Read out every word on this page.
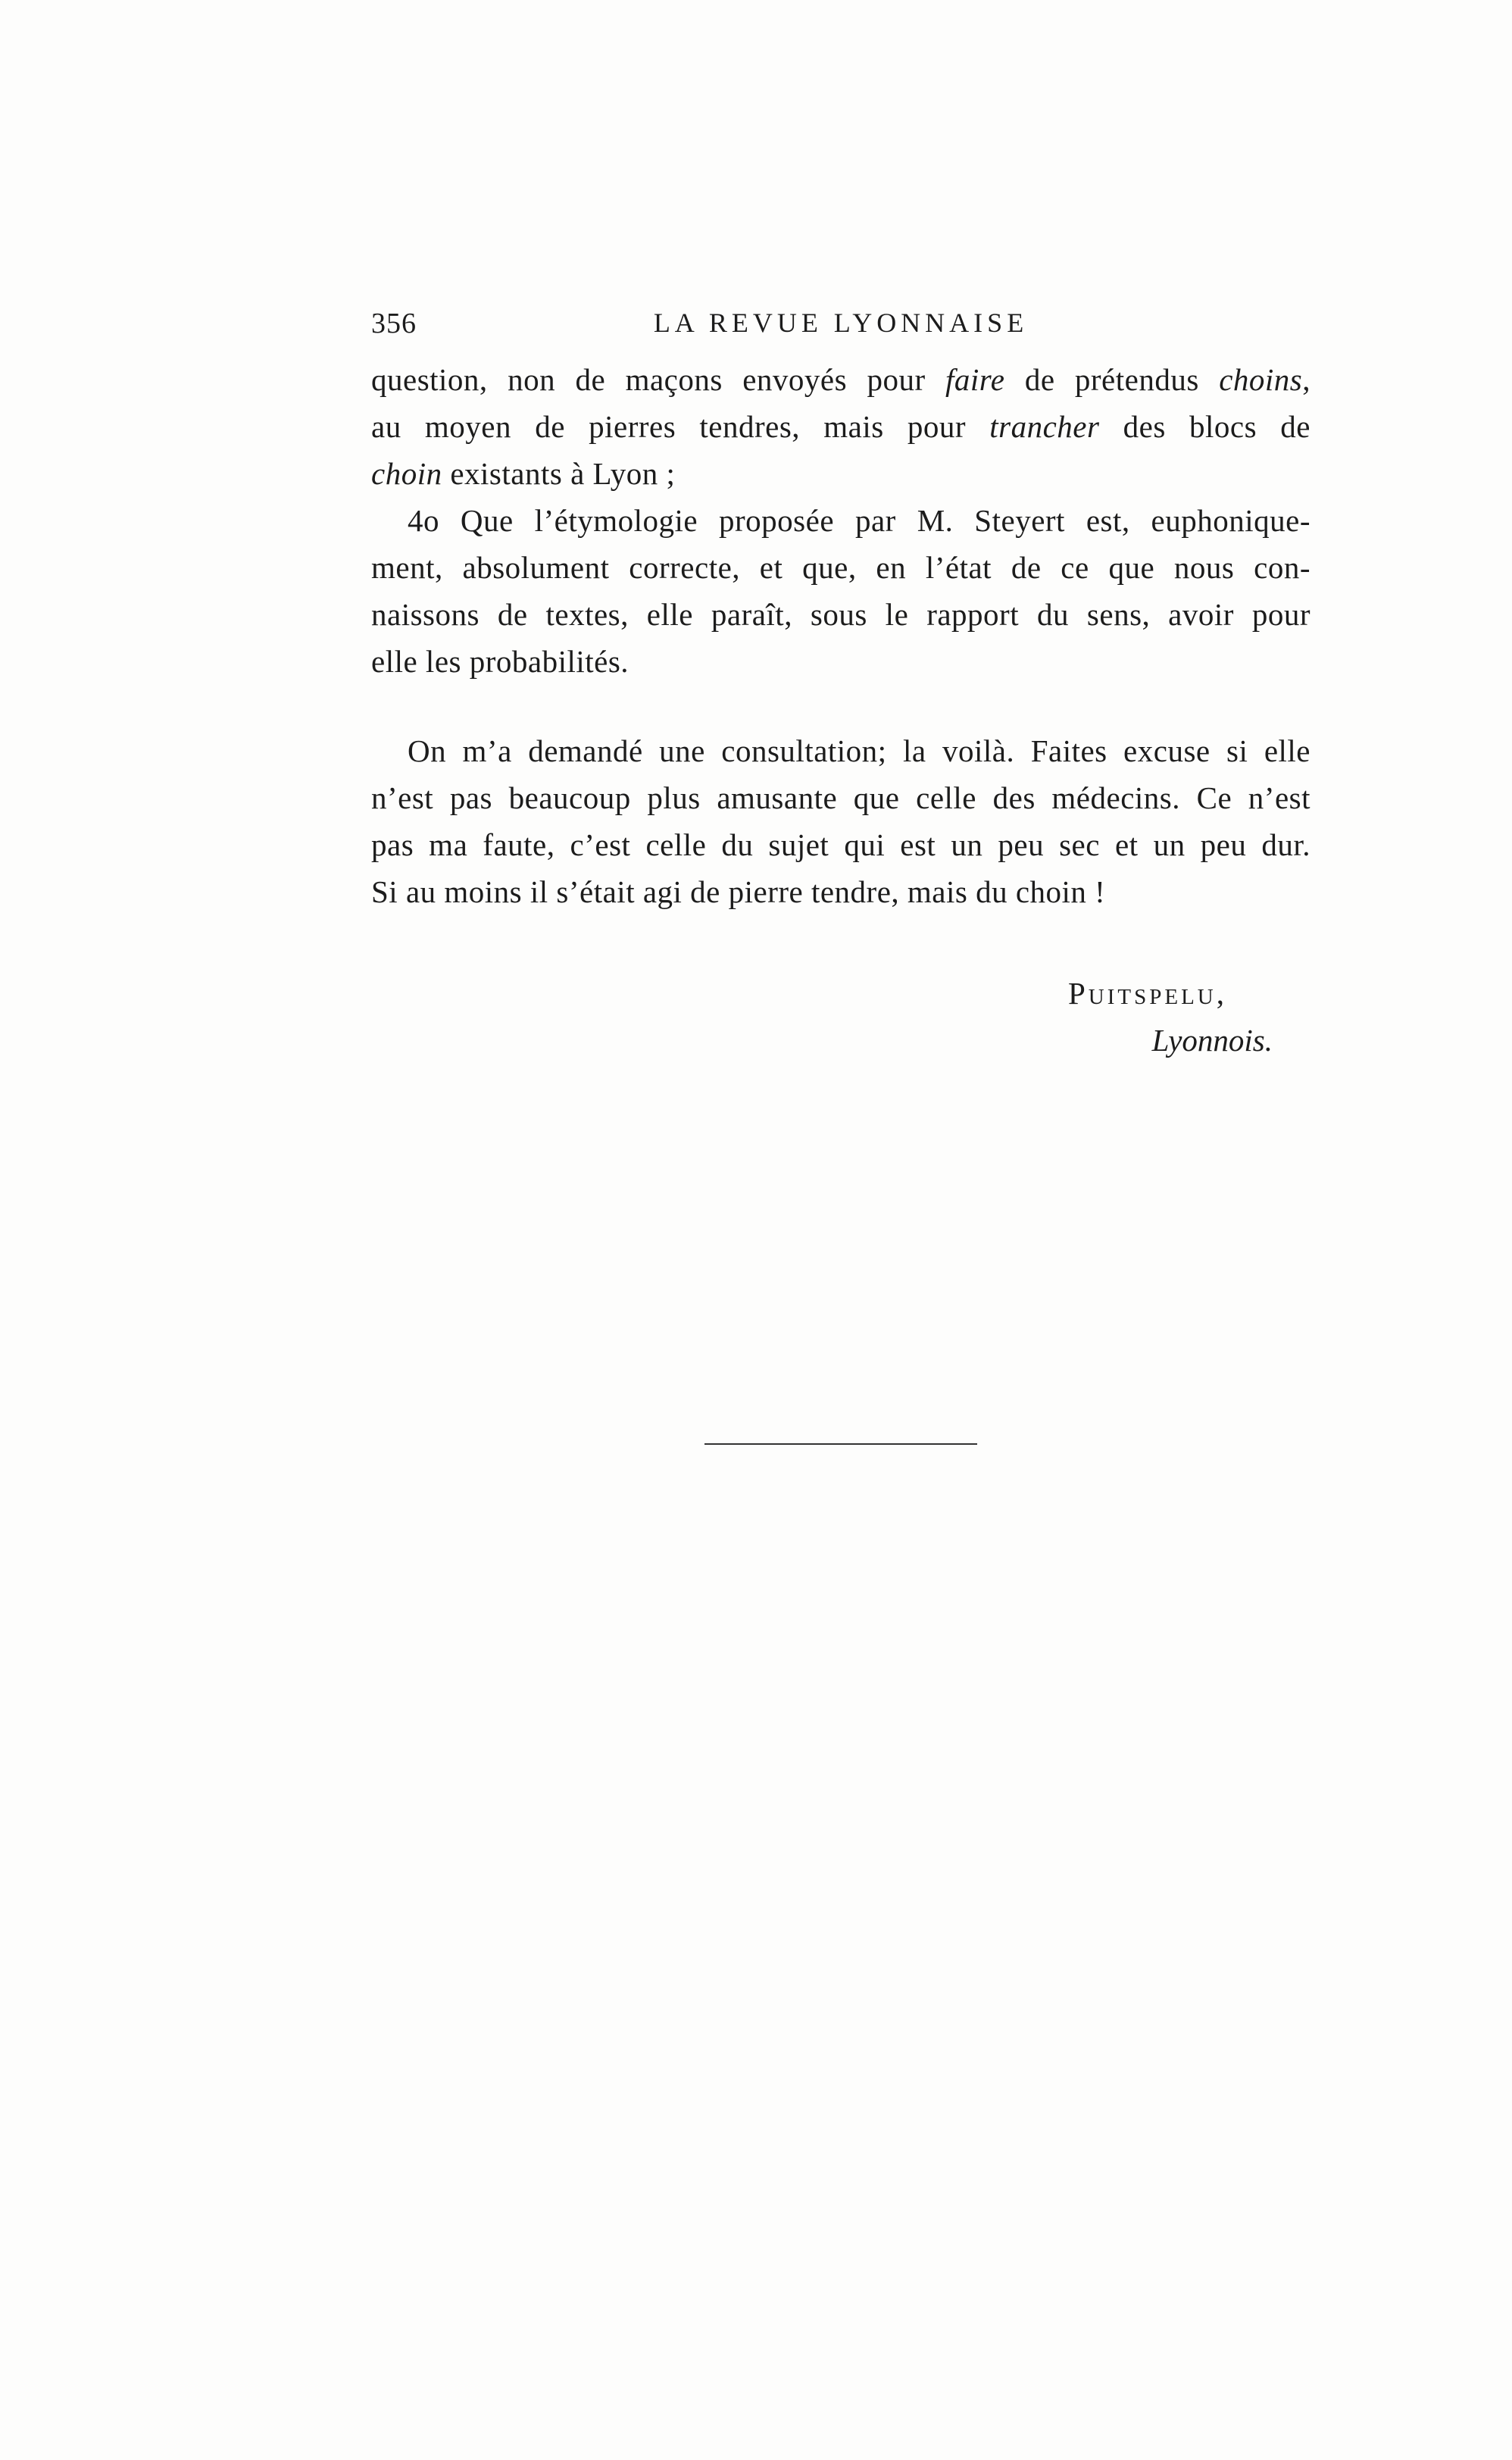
356	LA REVUE LYONNAISE
question, non de maçons envoyés pour faire de prétendus choins,
au moyen de pierres tendres, mais pour trancher des blocs de
choin existants à Lyon ;
4o Que l’étymologie proposée par M. Steyert est, euphonique-
ment, absolument correcte, et que, en l’état de ce que nous con-
naissons de textes, elle paraît, sous le rapport du sens, avoir pour
elle les probabilités.
On m’a demandé une consultation; la voilà. Faites excuse si elle
n’est pas beaucoup plus amusante que celle des médecins. Ce n’est
pas ma faute, c’est celle du sujet qui est un peu sec et un peu dur.
Si au moins il s’était agi de pierre tendre, mais du choin !
Puitspelu,
Lyonnois.
